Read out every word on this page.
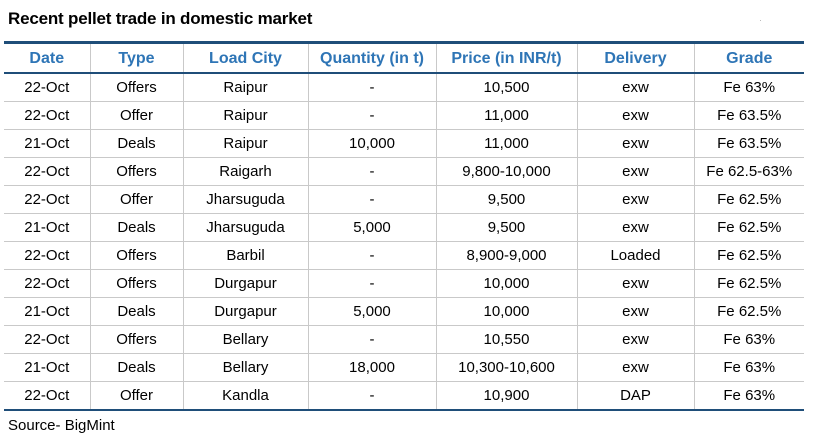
Recent pellet trade in domestic market
Date	Type	Load City	Quantity (in t)	Price (in INR/t)	Delivery	Grade
22-Oct	Offers	Raipur	-	10,500	exw	Fe 63%
22-Oct	Offer	Raipur	-	11,000	exw	Fe 63.5%
21-Oct	Deals	Raipur	10,000	11,000	exw	Fe 63.5%
22-Oct	Offers	Raigarh	-	9,800-10,000	exw	Fe 62.5-63%
22-Oct	Offer	Jharsuguda	-	9,500	exw	Fe 62.5%
21-Oct	Deals	Jharsuguda	5,000	9,500	exw	Fe 62.5%
22-Oct	Offers	Barbil	-	8,900-9,000	Loaded	Fe 62.5%
22-Oct	Offers	Durgapur	-	10,000	exw	Fe 62.5%
21-Oct	Deals	Durgapur	5,000	10,000	exw	Fe 62.5%
22-Oct	Offers	Bellary	-	10,550	exw	Fe 63%
21-Oct	Deals	Bellary	18,000	10,300-10,600	exw	Fe 63%
22-Oct	Offer	Kandla	-	10,900	DAP	Fe 63%
Source- BigMint
